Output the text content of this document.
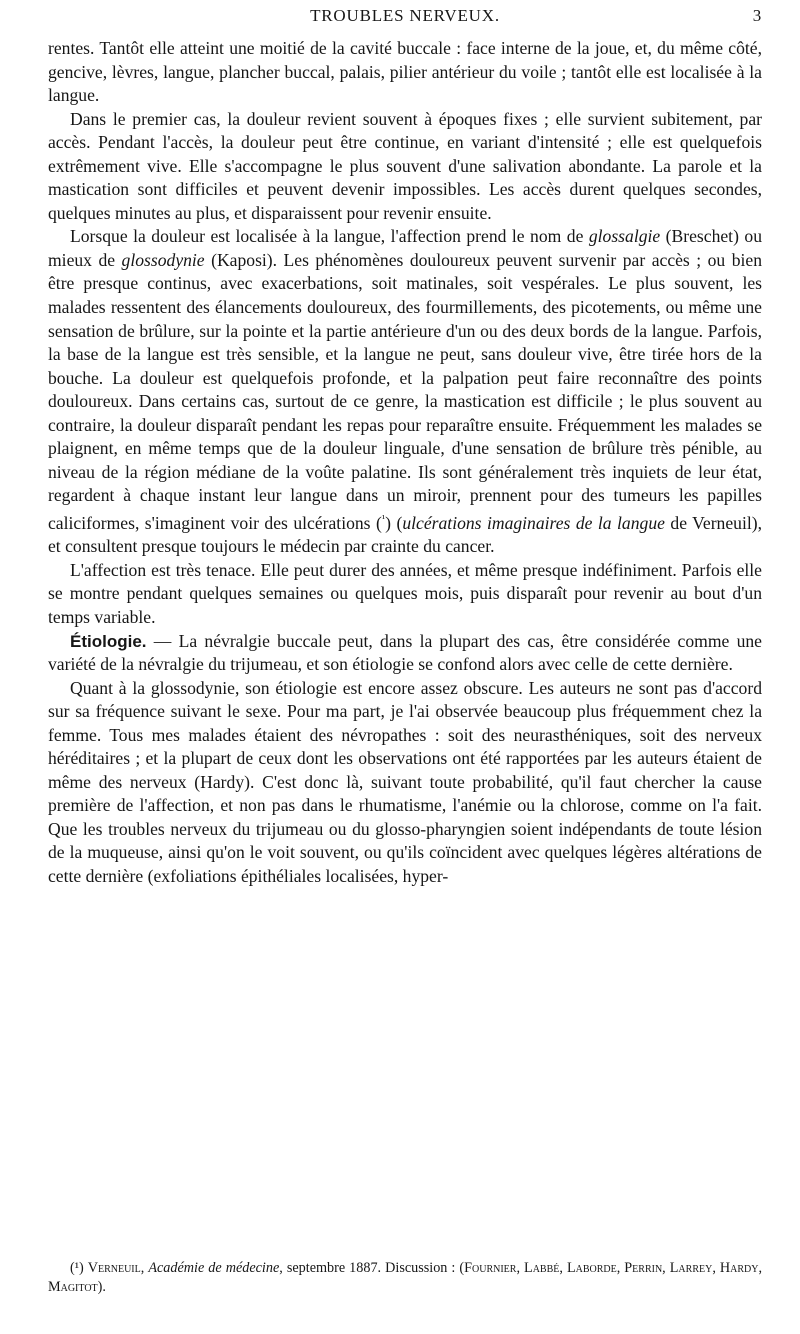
TROUBLES NERVEUX.	3

rentes. Tantôt elle atteint une moitié de la cavité buccale : face interne de la joue, et, du même côté, gencive, lèvres, langue, plancher buccal, palais, pilier antérieur du voile ; tantôt elle est localisée à la langue.

Dans le premier cas, la douleur revient souvent à époques fixes ; elle survient subitement, par accès. Pendant l'accès, la douleur peut être continue, en variant d'intensité ; elle est quelquefois extrêmement vive. Elle s'accompagne le plus souvent d'une salivation abondante. La parole et la mastication sont difficiles et peuvent devenir impossibles. Les accès durent quelques secondes, quelques minutes au plus, et disparaissent pour revenir ensuite.

Lorsque la douleur est localisée à la langue, l'affection prend le nom de glossalgie (Breschet) ou mieux de glossodynie (Kaposi). Les phénomènes douloureux peuvent survenir par accès ; ou bien être presque continus, avec exacerbations, soit matinales, soit vespérales. Le plus souvent, les malades ressentent des élancements douloureux, des fourmillements, des picotements, ou même une sensation de brûlure, sur la pointe et la partie antérieure d'un ou des deux bords de la langue. Parfois, la base de la langue est très sensible, et la langue ne peut, sans douleur vive, être tirée hors de la bouche. La douleur est quelquefois profonde, et la palpation peut faire reconnaître des points douloureux. Dans certains cas, surtout de ce genre, la mastication est difficile ; le plus souvent au contraire, la douleur disparaît pendant les repas pour reparaître ensuite. Fréquemment les malades se plaignent, en même temps que de la douleur linguale, d'une sensation de brûlure très pénible, au niveau de la région médiane de la voûte palatine. Ils sont généralement très inquiets de leur état, regardent à chaque instant leur langue dans un miroir, prennent pour des tumeurs les papilles caliciformes, s'imaginent voir des ulcérations ($^{^1}$) (ulcérations imaginaires de la langue de Verneuil), et consultent presque toujours le médecin par crainte du cancer.

L'affection est très tenace. Elle peut durer des années, et même presque indéfiniment. Parfois elle se montre pendant quelques semaines ou quelques mois, puis disparaît pour revenir au bout d'un temps variable.

Étiologie. — La névralgie buccale peut, dans la plupart des cas, être considérée comme une variété de la névralgie du trijumeau, et son étiologie se confond alors avec celle de cette dernière.

Quant à la glossodynie, son étiologie est encore assez obscure. Les auteurs ne sont pas d'accord sur sa fréquence suivant le sexe. Pour ma part, je l'ai observée beaucoup plus fréquemment chez la femme. Tous mes malades étaient des névropathes : soit des neurasthéniques, soit des nerveux héréditaires ; et la plupart de ceux dont les observations ont été rapportées par les auteurs étaient de même des nerveux (Hardy). C'est donc là, suivant toute probabilité, qu'il faut chercher la cause première de l'affection, et non pas dans le rhumatisme, l'anémie ou la chlorose, comme on l'a fait. Que les troubles nerveux du trijumeau ou du glosso-pharyngien soient indépendants de toute lésion de la muqueuse, ainsi qu'on le voit souvent, ou qu'ils coïncident avec quelques légères altérations de cette dernière (exfoliations épithéliales localisées, hyper-

(¹) Verneuil, Académie de médecine, septembre 1887. Discussion : (Fournier, Labbé, Laborde, Perrin, Larrey, Hardy, Magitot).
